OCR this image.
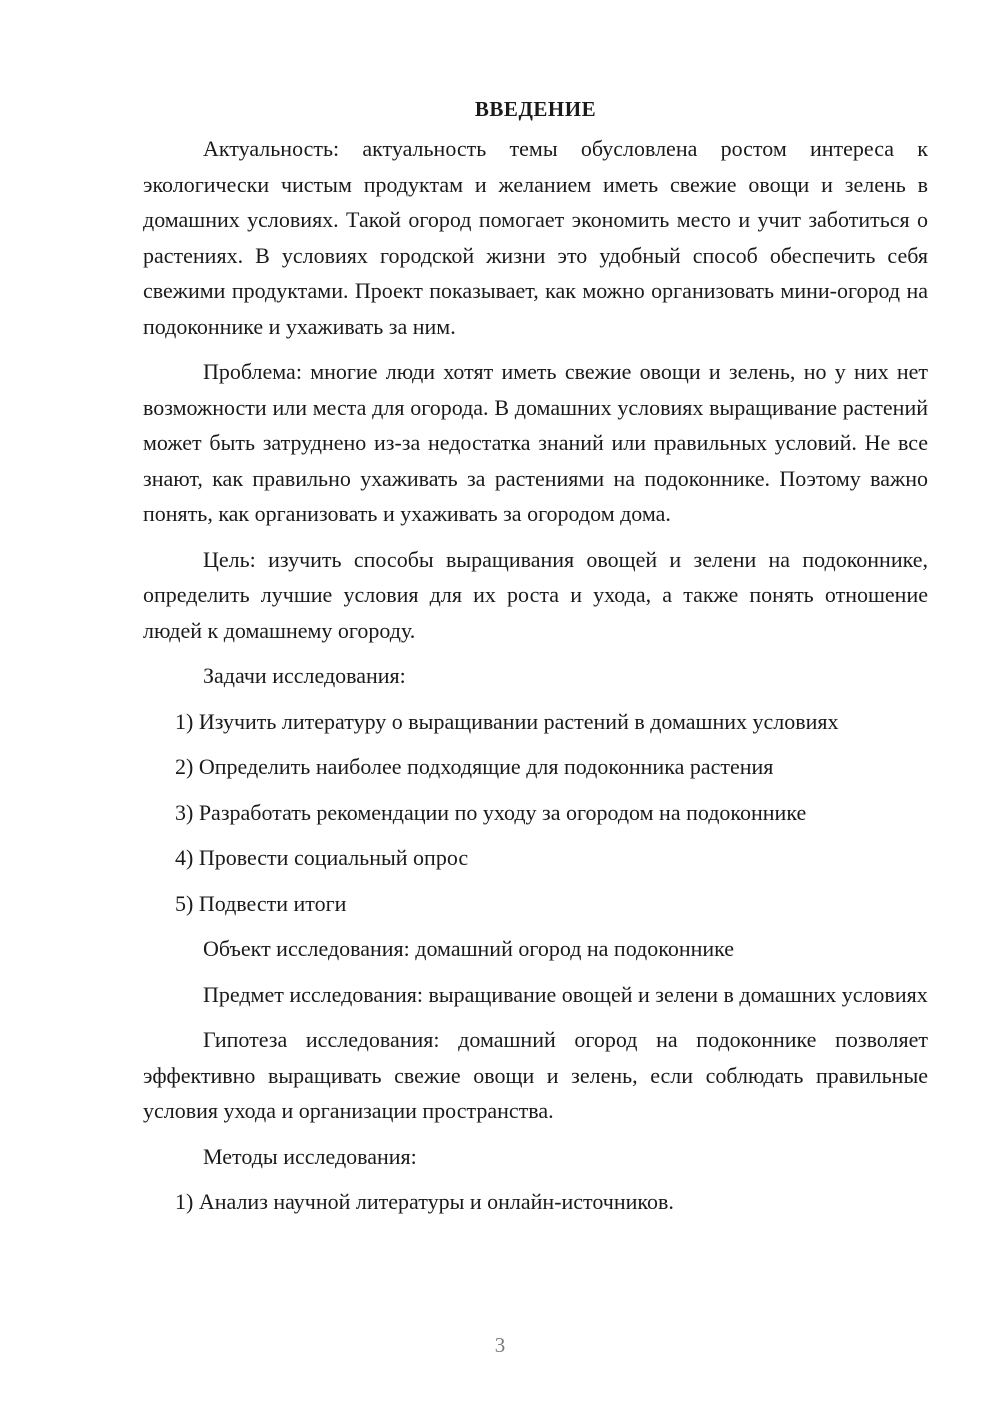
ВВЕДЕНИЕ

Актуальность: актуальность темы обусловлена ростом интереса к экологически чистым продуктам и желанием иметь свежие овощи и зелень в домашних условиях. Такой огород помогает экономить место и учит заботиться о растениях. В условиях городской жизни это удобный способ обеспечить себя свежими продуктами. Проект показывает, как можно организовать мини-огород на подоконнике и ухаживать за ним.

Проблема: многие люди хотят иметь свежие овощи и зелень, но у них нет возможности или места для огорода. В домашних условиях выращивание растений может быть затруднено из-за недостатка знаний или правильных условий. Не все знают, как правильно ухаживать за растениями на подоконнике. Поэтому важно понять, как организовать и ухаживать за огородом дома.

Цель: изучить способы выращивания овощей и зелени на подоконнике, определить лучшие условия для их роста и ухода, а также понять отношение людей к домашнему огороду.

Задачи исследования:

1) Изучить литературу о выращивании растений в домашних условиях
2) Определить наиболее подходящие для подоконника растения
3) Разработать рекомендации по уходу за огородом на подоконнике
4) Провести социальный опрос
5) Подвести итоги

Объект исследования: домашний огород на подоконнике

Предмет исследования: выращивание овощей и зелени в домашних условиях

Гипотеза исследования: домашний огород на подоконнике позволяет эффективно выращивать свежие овощи и зелень, если соблюдать правильные условия ухода и организации пространства.

Методы исследования:

1) Анализ научной литературы и онлайн-источников.
3
